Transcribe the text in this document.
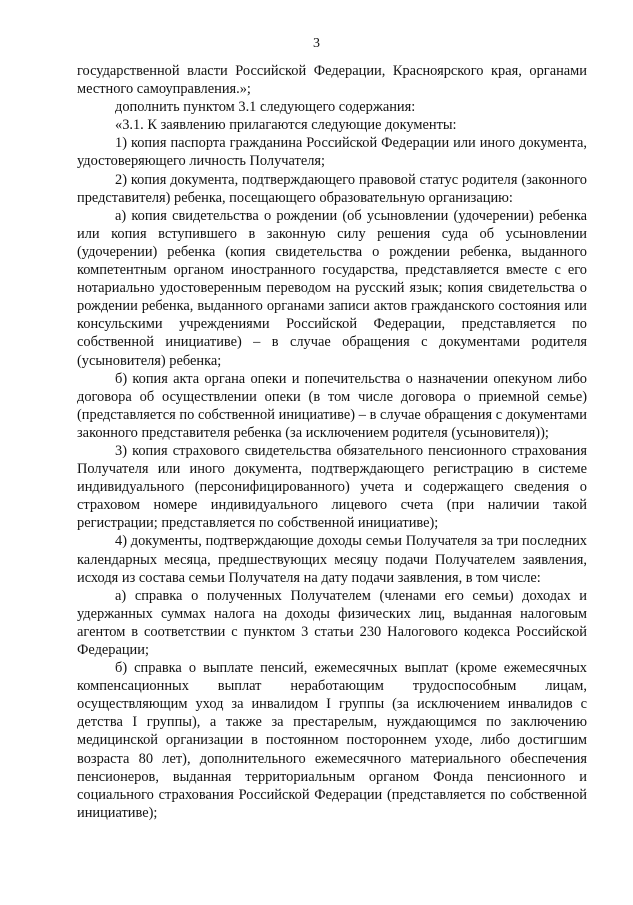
3

государственной власти Российской Федерации, Красноярского края, органами местного самоуправления.»;

дополнить пунктом 3.1 следующего содержания:

«3.1. К заявлению прилагаются следующие документы:

1) копия паспорта гражданина Российской Федерации или иного документа, удостоверяющего личность Получателя;

2) копия документа, подтверждающего правовой статус родителя (законного представителя) ребенка, посещающего образовательную организацию:

а) копия свидетельства о рождении (об усыновлении (удочерении) ребенка или копия вступившего в законную силу решения суда об усыновлении (удочерении) ребенка (копия свидетельства о рождении ребенка, выданного компетентным органом иностранного государства, представляется вместе с его нотариально удостоверенным переводом на русский язык; копия свидетельства о рождении ребенка, выданного органами записи актов гражданского состояния или консульскими учреждениями Российской Федерации, представляется по собственной инициативе) – в случае обращения с документами родителя (усыновителя) ребенка;

б) копия акта органа опеки и попечительства о назначении опекуном либо договора об осуществлении опеки (в том числе договора о приемной семье) (представляется по собственной инициативе) – в случае обращения с документами законного представителя ребенка (за исключением родителя (усыновителя));

3) копия страхового свидетельства обязательного пенсионного страхования Получателя или иного документа, подтверждающего регистрацию в системе индивидуального (персонифицированного) учета и содержащего сведения о страховом номере индивидуального лицевого счета (при наличии такой регистрации; представляется по собственной инициативе);

4) документы, подтверждающие доходы семьи Получателя за три последних календарных месяца, предшествующих месяцу подачи Получателем заявления, исходя из состава семьи Получателя на дату подачи заявления, в том числе:

а) справка о полученных Получателем (членами его семьи) доходах и удержанных суммах налога на доходы физических лиц, выданная налоговым агентом в соответствии с пунктом 3 статьи 230 Налогового кодекса Российской Федерации;

б) справка о выплате пенсий, ежемесячных выплат (кроме ежемесячных компенсационных выплат неработающим трудоспособным лицам, осуществляющим уход за инвалидом I группы (за исключением инвалидов с детства I группы), а также за престарелым, нуждающимся по заключению медицинской организации в постоянном постороннем уходе, либо достигшим возраста 80 лет), дополнительного ежемесячного материального обеспечения пенсионеров, выданная территориальным органом Фонда пенсионного и социального страхования Российской Федерации (представляется по собственной инициативе);
